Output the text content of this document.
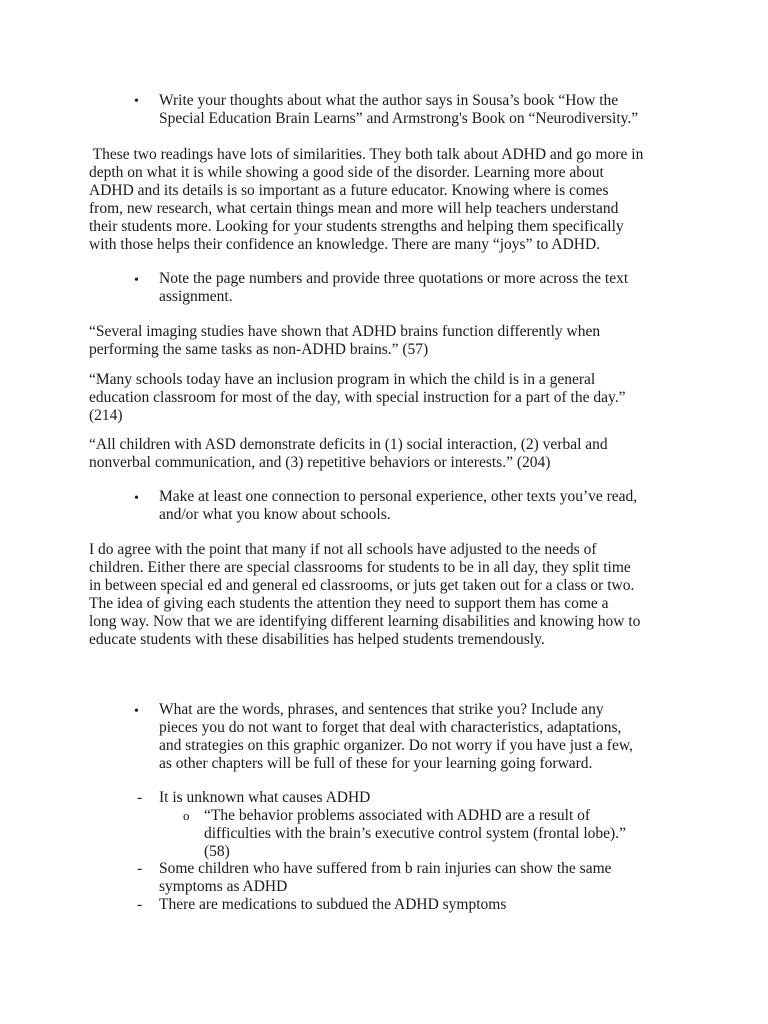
• Write your thoughts about what the author says in Sousa’s book “How the
Special Education Brain Learns” and Armstrong's Book on “Neurodiversity.”
These two readings have lots of similarities. They both talk about ADHD and go more in
depth on what it is while showing a good side of the disorder. Learning more about
ADHD and its details is so important as a future educator. Knowing where is comes
from, new research, what certain things mean and more will help teachers understand
their students more. Looking for your students strengths and helping them specifically
with those helps their confidence an knowledge. There are many “joys” to ADHD.
• Note the page numbers and provide three quotations or more across the text
assignment.
“Several imaging studies have shown that ADHD brains function differently when
performing the same tasks as non-ADHD brains.” (57)
“Many schools today have an inclusion program in which the child is in a general
education classroom for most of the day, with special instruction for a part of the day.”
(214)
“All children with ASD demonstrate deficits in (1) social interaction, (2) verbal and
nonverbal communication, and (3) repetitive behaviors or interests.” (204)
• Make at least one connection to personal experience, other texts you’ve read,
and/or what you know about schools.
I do agree with the point that many if not all schools have adjusted to the needs of
children. Either there are special classrooms for students to be in all day, they split time
in between special ed and general ed classrooms, or juts get taken out for a class or two.
The idea of giving each students the attention they need to support them has come a
long way. Now that we are identifying different learning disabilities and knowing how to
educate students with these disabilities has helped students tremendously.
• What are the words, phrases, and sentences that strike you? Include any
pieces you do not want to forget that deal with characteristics, adaptations,
and strategies on this graphic organizer. Do not worry if you have just a few,
as other chapters will be full of these for your learning going forward.
- It is unknown what causes ADHD
o “The behavior problems associated with ADHD are a result of
difficulties with the brain’s executive control system (frontal lobe).”
(58)
- Some children who have suffered from b rain injuries can show the same
symptoms as ADHD
- There are medications to subdued the ADHD symptoms
